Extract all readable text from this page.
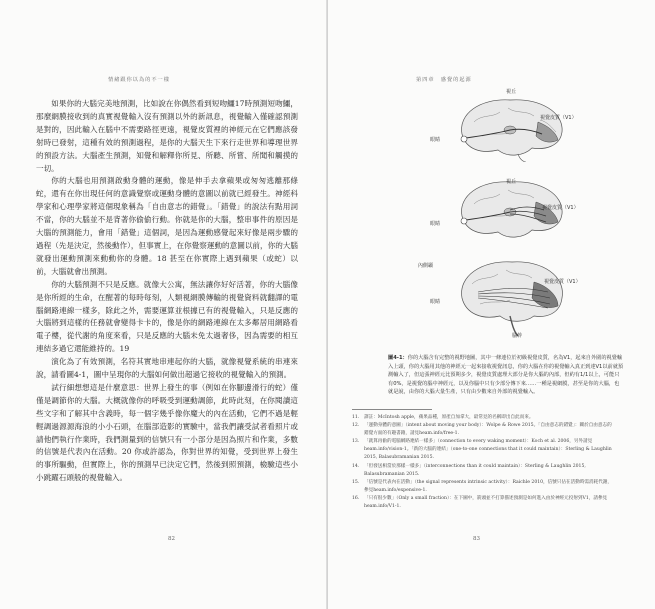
情緒跟你以為的不一樣

如果你的大腦完美地預測，比如說在你偶然看到短吻鱷17時預測短吻鱷，那麼網膜接收到的真實視覺輸入沒有預測以外的新訊息，視覺輸入僅確認預測是對的，因此輸入在腦中不需要路徑更遠，視覺皮質裡的神經元在它們應該發射時已發射，這種有效的預測過程，是你的大腦天生下來行走世界和導理世界的預設方法。大腦產生預測，知覺和解釋你所見、所聽、所嘗、所聞和觸摸的一切。

你的大腦也用預測啟動身體的運動，像是伸手去拿蘋果或匆匆逃離那條蛇，還有在你出現任何的意識覺察或運動身體的意圖以前就已經發生。神經科學家和心理學家將這個現象稱為「自由意志的錯覺」。「錯覺」的說法有點用詞不當，你的大腦並不是背著你偷偷行動。你就是你的大腦，整串事件的原因是大腦的預測能力，會用「錯覺」這個詞，是因為運動感覺起來好像是兩步驟的過程（先是決定，然後動作），但事實上，在你覺察運動的意圖以前，你的大腦就發出運動預測來動動你的身體。18 甚至在你實際上遇到蘋果（或蛇）以前，大腦就會出預測。

你的大腦預測不只是反應。就像大公寓，無法讓你好好活著，你的大腦像是你所經的生命，在醒著的每時每刻，人類視網膜傳輸的視覺資料就翻譯的電腦網路連線一樣多，除此之外，需要運算並根據已有的視覺輸入，只是反應的大腦將到這樣的任務就會變得卡卡的，像是你的網路連線在太多鄰居用網路看電子樓，從代謝的角度來看，只是反應的大腦未免太過奢侈，因為需要的相互連結多過它還能維持的。19

演化為了有效預測，名符其實地串連起你的大腦，就像視覺系統的串連來說，請看圖4-1，圖中呈現你的大腦如何做出超過它接收的視覺輸入的預測。

試行細想想這是什麼意思：世界上發生的事（例如在你腳邊滑行的蛇）僅僅是調節你的大腦。大概就像你的呼吸受到運動調節，此時此刻，在你閱讀這些文字和了解其中含義時，每一個字幾乎像你魔大的內在活動，它們不過是輕輕調過源源海浪的小小石頭，在腦部造影的實驗中，當我們讓受試者看照片或請他們執行作業時，我們測量到的信號只有一小部分是因為照片和作業，多數的信號是代表內在活動。20 你或許認為，你對世界的知覺，受到世界上發生的事所驅動，但實際上，你的預測早已決定它們，然後到照預測，檢驗這些小小跳躍石頭般的視覺輸入。

82
第四章　感覺的起源
83
視丘
視覺皮質（V1）
眼睛
視丘
視覺皮質（V1）
眼睛
內側顳
視覺皮質（V1）
眼睛
腦幹
圖4-1：你的大腦含有完整的視野地圖，其中一條連位於初級視覺皮質，名為V1，起來自外圍的視覺輸入上頭，你的大腦用其他的神經元一起來接收視覺訊息，你的大腦在你的視覺輸入真正到達V1以前就預測輸入了，但這張神經元比預期多少，視覺皮質處理大部分是你大腦的內部，但約有1/1以上，可能只有0%，是視覺的腦中神經元，以及你腦中只有少部分傳下來……一種是視網膜，甚至是你的大腦，也就是說，由你的大腦大量生產，只有由少數來自外部的視覺輸入。
11.	譯註：McIntosh apple，蘋果品種，原產自加拿大，最常見的名稱即出自此而來。
12.	「運動身體的意圖」（intent about moving your body）：Wolpe & Rowe 2015。「自由意志的錯覺」：關於自由意志的錯覺方面的有趣書籍，請見heam.info/free-1.
13.	「就算再偷的電腦網路連結一樣多」（connection to every waking moment）：Koch et al. 2006，另外請見heam.info/vision-1。「新的大腦的連結」（one-to-one connections that it could maintain）：Sterling & Laughlin 2015, Balasubramanian 2015.
14.	「但發送相當於那樣一樣多」（interconnections than it could maintain）：Sterling & Laughlin 2015, Balasubramanian 2015.
15.	「信號是代表內在活動」（the signal represents intrinsic activity）：Raichle 2010，信號只佔在活動時需消耗代謝，參見heam.info/expensive-1.
16.	「只有很少數」（Only a small fraction）：在下圖中，箭頭並不打算描述預測是如何進入由於神經元投射到V1，請參見heam.info/V1-1.
